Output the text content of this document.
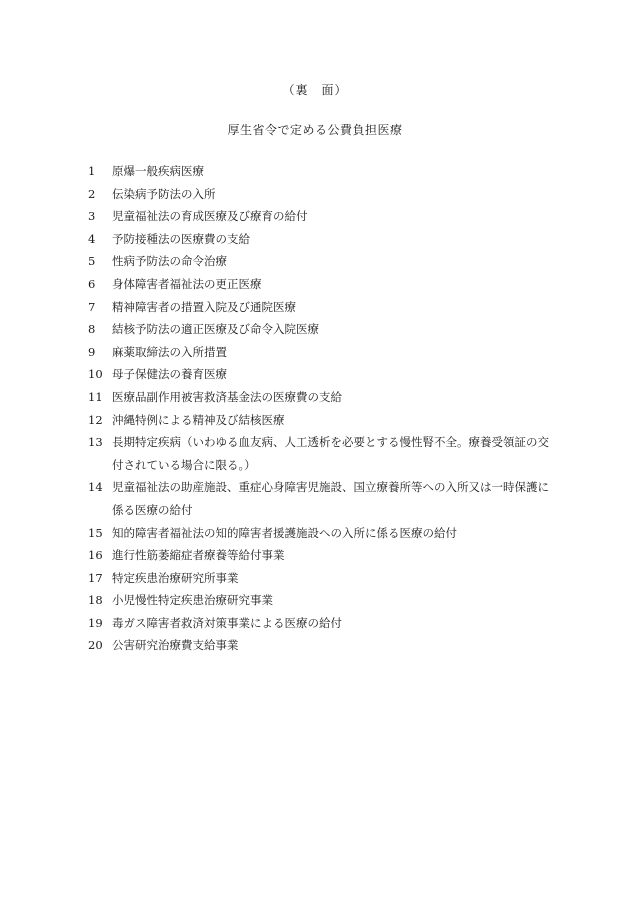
（裏　面）
厚生省令で定める公費負担医療
1	原爆一般疾病医療
2	伝染病予防法の入所
3	児童福祉法の育成医療及び療育の給付
4	予防接種法の医療費の支給
5	性病予防法の命令治療
6	身体障害者福祉法の更正医療
7	精神障害者の措置入院及び通院医療
8	結核予防法の適正医療及び命令入院医療
9	麻薬取締法の入所措置
10 母子保健法の養育医療
11 医療品副作用被害救済基金法の医療費の支給
12 沖縄特例による精神及び結核医療
13 長期特定疾病（いわゆる血友病、人工透析を必要とする慢性腎不全。療養受領証の交付されている場合に限る。）
14 児童福祉法の助産施設、重症心身障害児施設、国立療養所等への入所又は一時保護に係る医療の給付
15 知的障害者福祉法の知的障害者援護施設への入所に係る医療の給付
16 進行性筋萎縮症者療養等給付事業
17 特定疾患治療研究所事業
18 小児慢性特定疾患治療研究事業
19 毒ガス障害者救済対策事業による医療の給付
20 公害研究治療費支給事業
